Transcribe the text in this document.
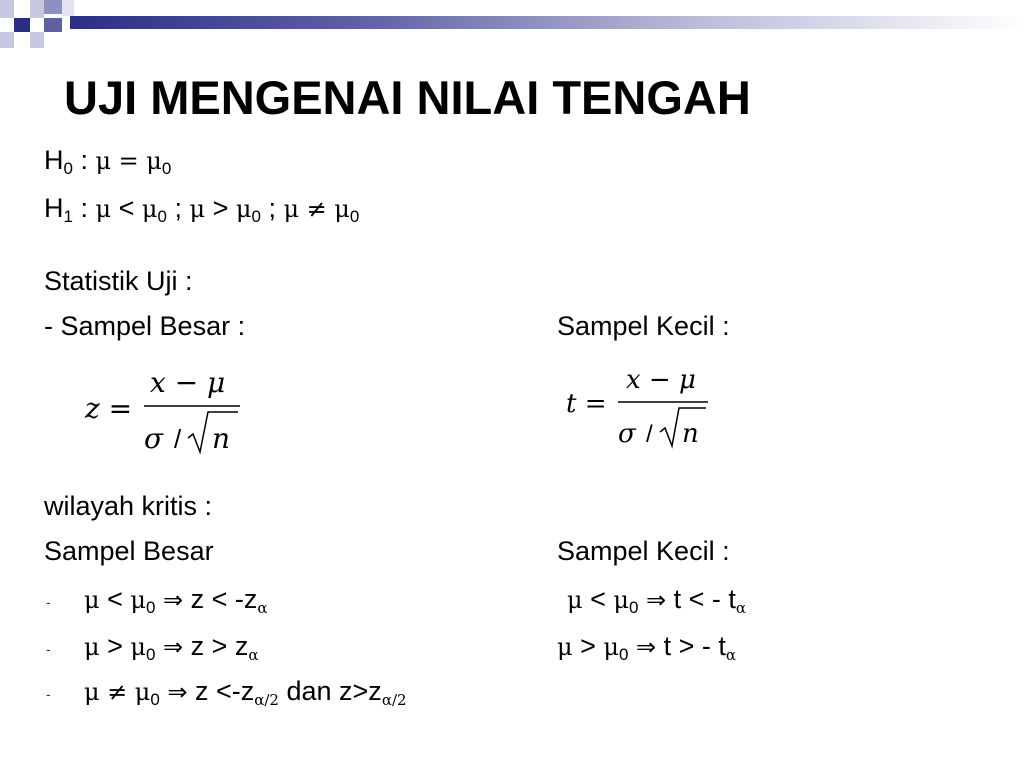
UJI MENGENAI NILAI TENGAH
$H_0$ : $\mu = \mu_0$
$H_1$ : $\mu < \mu_0$ ; $\mu > \mu_0$ ; $\mu \ne \mu_0$
Statistik Uji :
- Sampel Besar :	Sampel Kecil :
z =
x − μ
σ / n
t =
x − μ
σ / n
wilayah kritis :
Sampel Besar	Sampel Kecil :
- $\mu < \mu_0$ ⇒ $z < -z_\alpha$	$\mu < \mu_0$ ⇒ t < - $t_\alpha$
- $\mu > \mu_0$ ⇒ $z > z_\alpha$	$\mu > \mu_0$ ⇒ t > - $t_\alpha$
- $\mu \ne \mu_0$ ⇒ $z <-z_{\alpha/2}$ dan $z>z_{\alpha/2}$
